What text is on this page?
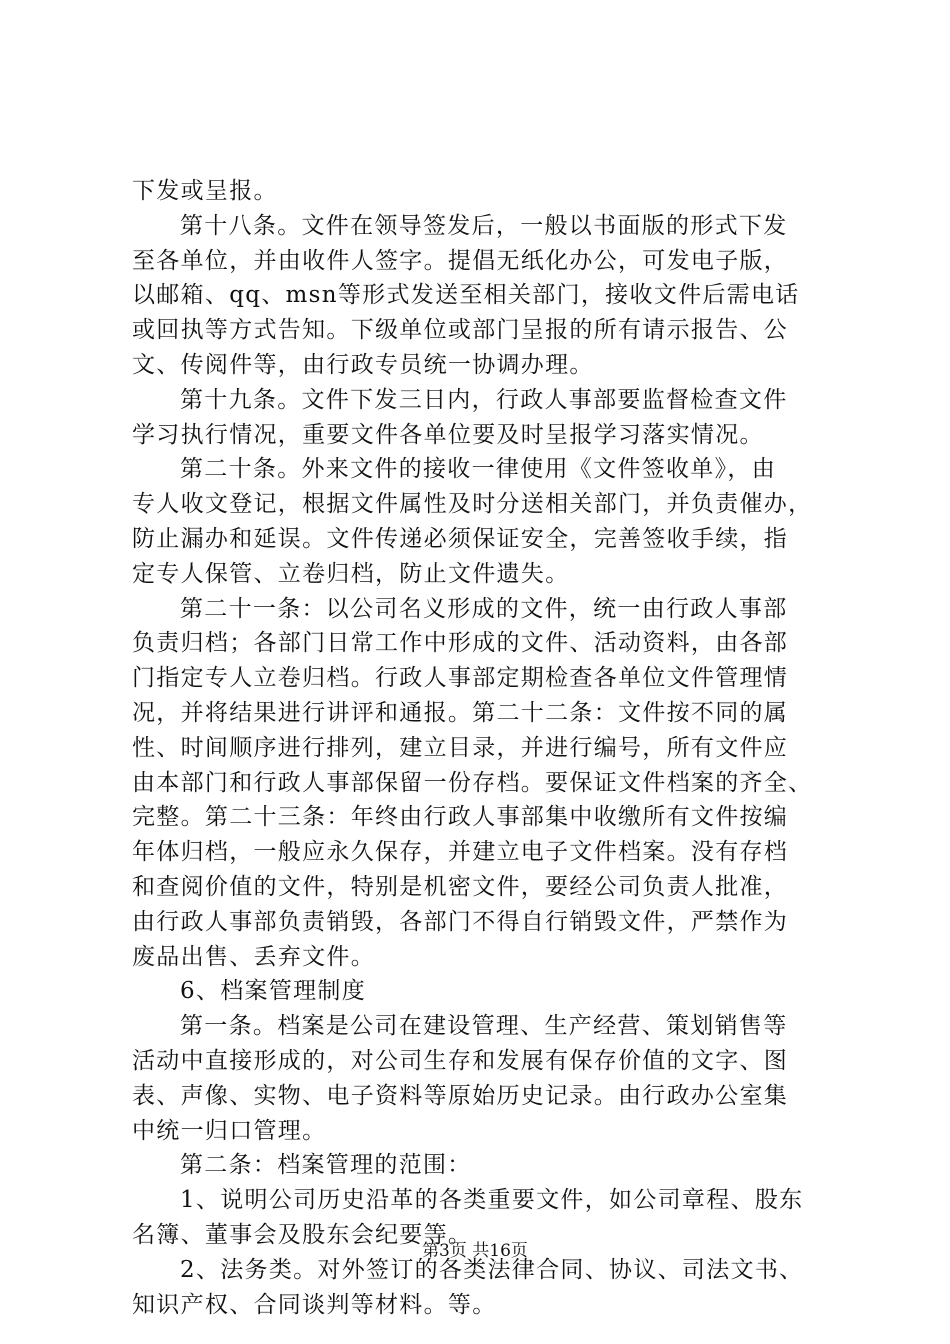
下发或呈报。
第十八条。文件在领导签发后，一般以书面版的形式下发
至各单位，并由收件人签字。提倡无纸化办公，可发电子版，
以邮箱、qq、msn等形式发送至相关部门，接收文件后需电话
或回执等方式告知。下级单位或部门呈报的所有请示报告、公
文、传阅件等，由行政专员统一协调办理。
第十九条。文件下发三日内，行政人事部要监督检查文件
学习执行情况，重要文件各单位要及时呈报学习落实情况。
第二十条。外来文件的接收一律使用《文件签收单》，由
专人收文登记，根据文件属性及时分送相关部门，并负责催办，
防止漏办和延误。文件传递必须保证安全，完善签收手续，指
定专人保管、立卷归档，防止文件遗失。
第二十一条：以公司名义形成的文件，统一由行政人事部
负责归档；各部门日常工作中形成的文件、活动资料，由各部
门指定专人立卷归档。行政人事部定期检查各单位文件管理情
况，并将结果进行讲评和通报。第二十二条：文件按不同的属
性、时间顺序进行排列，建立目录，并进行编号，所有文件应
由本部门和行政人事部保留一份存档。要保证文件档案的齐全、
完整。第二十三条：年终由行政人事部集中收缴所有文件按编
年体归档，一般应永久保存，并建立电子文件档案。没有存档
和查阅价值的文件，特别是机密文件，要经公司负责人批准，
由行政人事部负责销毁，各部门不得自行销毁文件，严禁作为
废品出售、丢弃文件。
6、档案管理制度
第一条。档案是公司在建设管理、生产经营、策划销售等
活动中直接形成的，对公司生存和发展有保存价值的文字、图
表、声像、实物、电子资料等原始历史记录。由行政办公室集
中统一归口管理。
第二条：档案管理的范围：
1、说明公司历史沿革的各类重要文件，如公司章程、股东
名簿、董事会及股东会纪要等。
2、法务类。对外签订的各类法律合同、协议、司法文书、
知识产权、合同谈判等材料。等。
第3页 共16页
